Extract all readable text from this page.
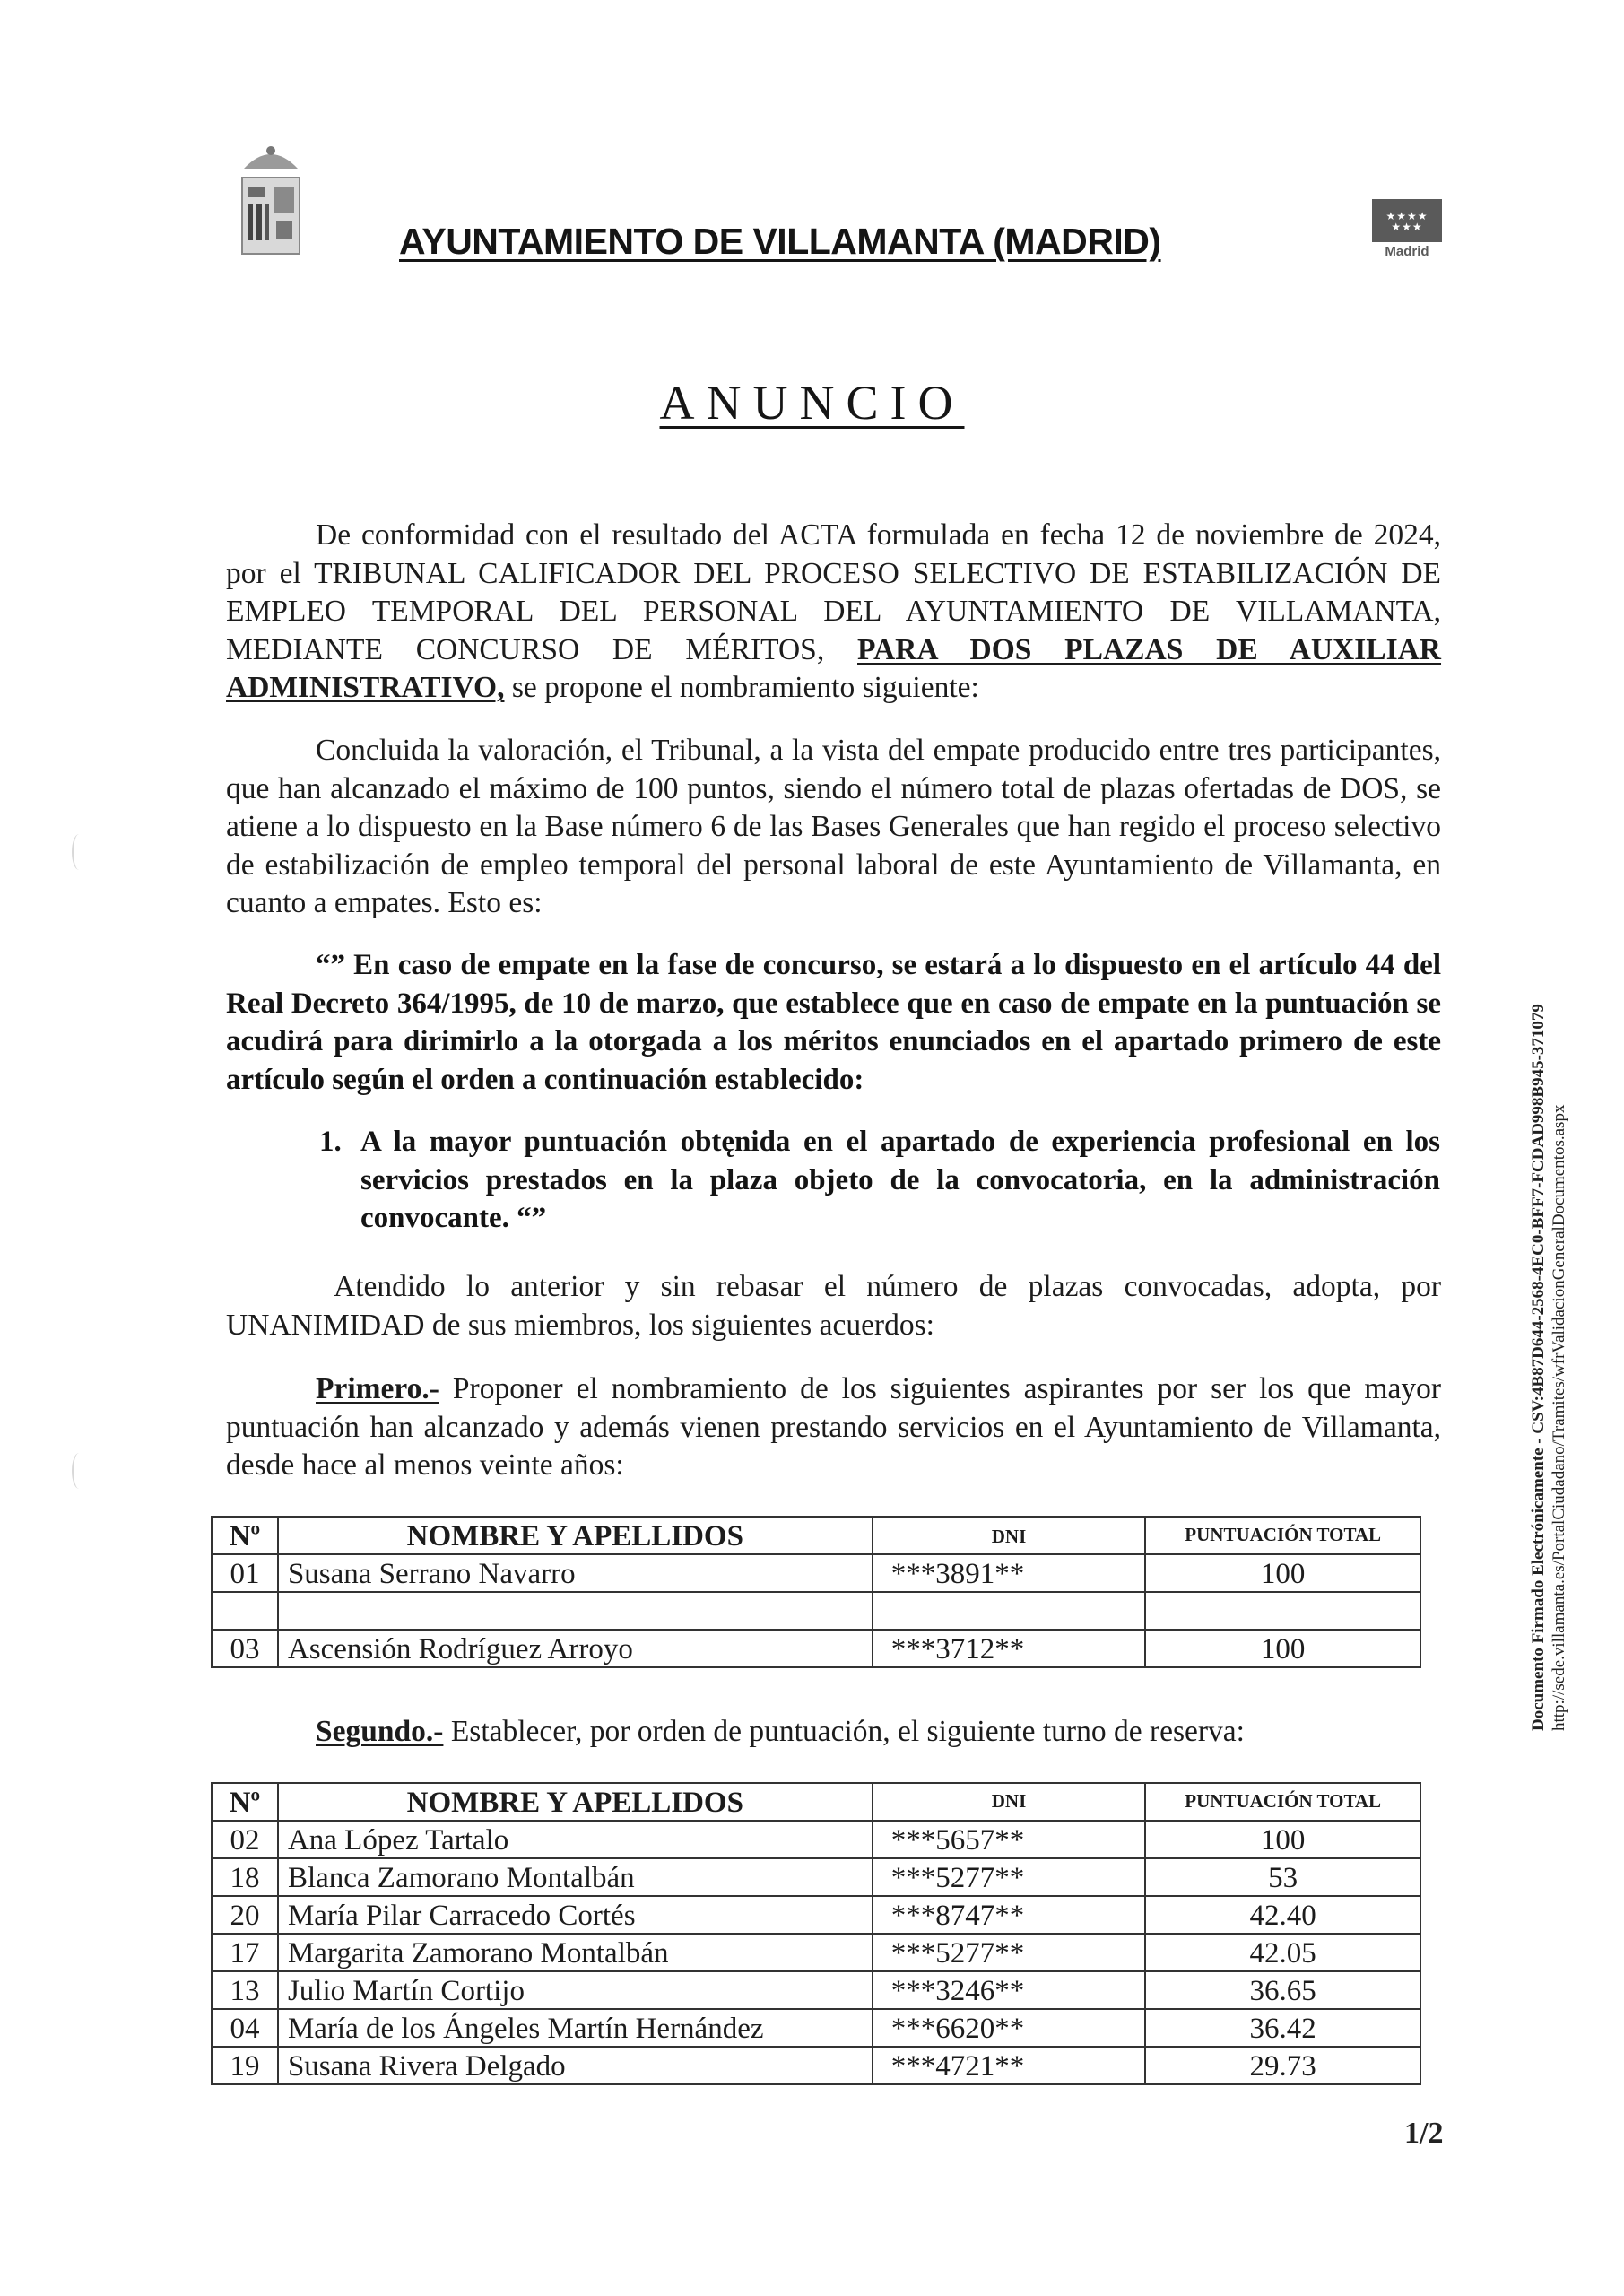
AYUNTAMIENTO DE VILLAMANTA (MADRID)
★★★★ ★★★
Madrid
ANUNCIO
De conformidad con el resultado del ACTA formulada en fecha 12 de noviembre de 2024, por el TRIBUNAL CALIFICADOR DEL PROCESO SELECTIVO DE ESTABILIZACIÓN DE EMPLEO TEMPORAL DEL PERSONAL DEL AYUNTAMIENTO DE VILLAMANTA, MEDIANTE CONCURSO DE MÉRITOS, PARA DOS PLAZAS DE AUXILIAR ADMINISTRATIVO, se propone el nombramiento siguiente:
Concluida la valoración, el Tribunal, a la vista del empate producido entre tres participantes, que han alcanzado el máximo de 100 puntos, siendo el número total de plazas ofertadas de DOS, se atiene a lo dispuesto en la Base número 6 de las Bases Generales que han regido el proceso selectivo de estabilización de empleo temporal del personal laboral de este Ayuntamiento de Villamanta, en cuanto a empates. Esto es:
“” En caso de empate en la fase de concurso, se estará a lo dispuesto en el artículo 44 del Real Decreto 364/1995, de 10 de marzo, que establece que en caso de empate en la puntuación se acudirá para dirimirlo a la otorgada a los méritos enunciados en el apartado primero de este artículo según el orden a continuación establecido:
1. A la mayor puntuación obtęnida en el apartado de experiencia profesional en los servicios prestados en la plaza objeto de la convocatoria, en la administración convocante. “”
Atendido lo anterior y sin rebasar el número de plazas convocadas, adopta, por UNANIMIDAD de sus miembros, los siguientes acuerdos:
Primero.- Proponer el nombramiento de los siguientes aspirantes por ser los que mayor puntuación han alcanzado y además vienen prestando servicios en el Ayuntamiento de Villamanta, desde hace al menos veinte años:
Nº	NOMBRE Y APELLIDOS	DNI	PUNTUACIÓN TOTAL
01	Susana Serrano Navarro	***3891**	100

03	Ascensión Rodríguez Arroyo	***3712**	100
Segundo.- Establecer, por orden de puntuación, el siguiente turno de reserva:
Nº	NOMBRE Y APELLIDOS	DNI	PUNTUACIÓN TOTAL
02	Ana López Tartalo	***5657**	100
18	Blanca Zamorano Montalbán	***5277**	53
20	María Pilar Carracedo Cortés	***8747**	42.40
17	Margarita Zamorano Montalbán	***5277**	42.05
13	Julio Martín Cortijo	***3246**	36.65
04	María de los Ángeles Martín Hernández	***6620**	36.42
19	Susana Rivera Delgado	***4721**	29.73
Documento Firmado Electrónicamente - CSV:4B87D644-2568-4EC0-BFF7-FCDAD998B945-371079 http://sede.villamanta.es/PortalCiudadano/Tramites/wfrValidacionGeneralDocumentos.aspx
1/2
